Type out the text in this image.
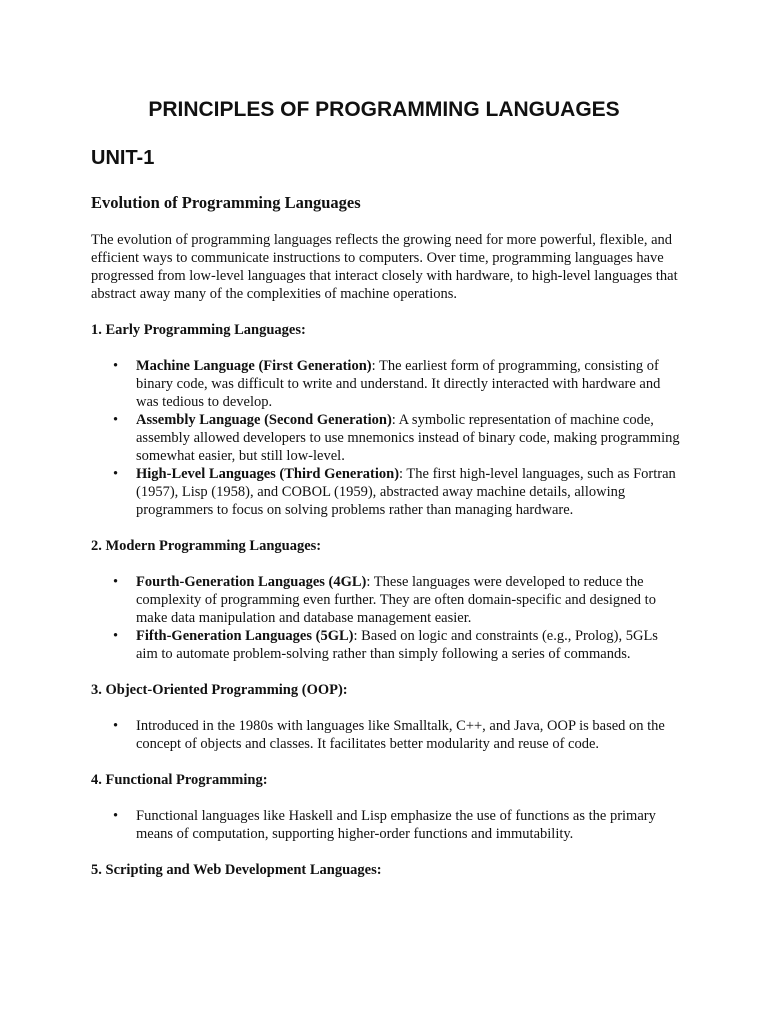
PRINCIPLES OF PROGRAMMING LANGUAGES
UNIT-1
Evolution of Programming Languages

The evolution of programming languages reflects the growing need for more powerful, flexible, and efficient ways to communicate instructions to computers. Over time, programming languages have progressed from low-level languages that interact closely with hardware, to high-level languages that abstract away many of the complexities of machine operations.

1. Early Programming Languages:
• Machine Language (First Generation): The earliest form of programming, consisting of binary code, was difficult to write and understand. It directly interacted with hardware and was tedious to develop.
• Assembly Language (Second Generation): A symbolic representation of machine code, assembly allowed developers to use mnemonics instead of binary code, making programming somewhat easier, but still low-level.
• High-Level Languages (Third Generation): The first high-level languages, such as Fortran (1957), Lisp (1958), and COBOL (1959), abstracted away machine details, allowing programmers to focus on solving problems rather than managing hardware.
2. Modern Programming Languages:
• Fourth-Generation Languages (4GL): These languages were developed to reduce the complexity of programming even further. They are often domain-specific and designed to make data manipulation and database management easier.
• Fifth-Generation Languages (5GL): Based on logic and constraints (e.g., Prolog), 5GLs aim to automate problem-solving rather than simply following a series of commands.
3. Object-Oriented Programming (OOP):
• Introduced in the 1980s with languages like Smalltalk, C++, and Java, OOP is based on the concept of objects and classes. It facilitates better modularity and reuse of code.
4. Functional Programming:
• Functional languages like Haskell and Lisp emphasize the use of functions as the primary means of computation, supporting higher-order functions and immutability.
5. Scripting and Web Development Languages:
